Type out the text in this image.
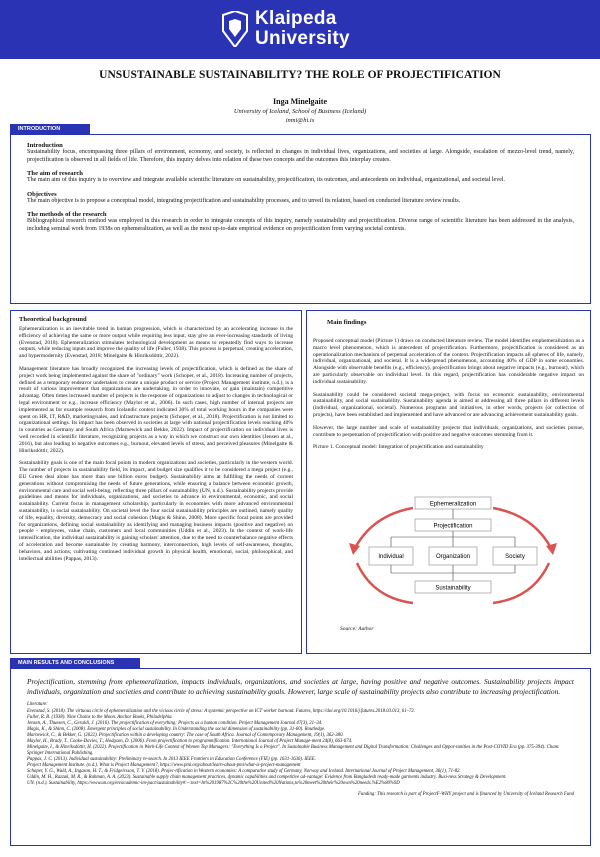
Klaipeda
University
UNSUSTAINABLE SUSTAINABILITY? THE ROLE OF PROJECTIFICATION
Inga Minelgaite
University of Iceland, School of Business (Iceland)
inmi@hi.is
INTRODUCTION

Introduction

Sustainability focus, encompassing three pillars of environment, economy, and society, is reflected in changes in individual lives, organizations, and societies at large. Alongside, escalation of mezzo-level trend, namely, projectification is observed in all fields of life. Therefore, this inquiry delves into relation of these two concepts and the outcomes this interplay creates.

The aim of research

The main aim of this inquiry is to overview and integrate available scientific literature on sustainability, projectification, its outcomes, and antecedents on individual, organizational, and societal level.

Objectives

The main objective is to propose a conceptual model, integrating projectification and sustainability processes, and to unveil its relation, based on conducted literature review results.

The methods of the research

Bibliographical research method was employed in this research in order to integrate concepts of this inquiry, namely sustainability and projectification. Diverse range of scientific literature has been addressed in the analysis, including seminal work from 1938s on ephemeralization, as well as the most up-to-date empirical evidence on projectification from varying societal contexts.

Theoretical background

Ephemeralization is an inevitable trend in human progression, which is characterized by an accelerating increase in the efficiency of achieving the same or more output while requiring less input, stay give an ever-increasing standards of living (Evenstad, 2018). Ephemeralization stimulates technological development as means to repeatedly find ways to increase outputs, while reducing inputs and improve the quality of life (Fuller, 1938). This process is perpetual, creating acceleration, and hypermodernity (Evenstad, 2018; Minelgaite & Hinriksdóttir, 2022).

Management literature has broadly recognized the increasing levels of projectification, which is defined as the share of project work being implemented against the share of "ordinary" work (Schoper, et al., 2018). Increasing number of projects, defined as a temporary endeavor undertaken to create a unique product or service (Project Management institute, n.d.), is a result of various improvement that organizations are undertaking, in order to innovate, or gain (maintain) competitive advantag. Often times increased number of projects is the response of organizations to adjust to changes in technological or legal environment or e.g., increase efficiency (Maylor et al., 2006). In such cases, high number of internal projects are implemented as for example research from Icelandic context indicated 30% of total working hours in the companies were spent on HR, IT, R&D, marketing/sales, and infrastructure projects (Schoper, et al., 2018). Projectification is not limited to organizational settings. Its impact has been observed in societies at large with national projectification levels reaching 40% in countries as Germany and South Africa (Marnewick and Bekke, 2022). Impact of projectification on individual lives is well recorded in scientific literature, recognizing projects as a way in which we construct our own identities (Jensen at al., 2016), but also leading to negative outcomes e.g., burnout, elevated levels of stress, and perceived pleasures (Minelgaite & Hinriksdóttir, 2022).

Sustainability goals is one of the main focal points in modern organizations and societies, particularly in the western world. The number of projects in sustainability field, its impact, and budget size qualifies it to be considered a mega project (e.g., EU Green deal alone has more than one billion euros budget). Sustainability aims at fulfilling the needs of current generations without compromising the needs of future generations, while ensuring a balance between economic growth, environmental care and social well-being, reflecting three pillars of sustainability (UN, n.d.). Sustainability projects provide guidelines and means for individuals, organizations, and societies to advance in environmental, economic, and social sustainability. Current focus in management scholarship, particularly in economies with more advanced environmental sustainability, is social sustainability. On societal level the four social sustainability principles are outlined, namely quality of life, equality, diversity, democracy and social cohesion (Magis & Shinn, 2008). More specific focal points are provided for organizations, defining social sustainability as identifying and managing business impacts (positive and negative) on people - employees, value chain, customers and local communities (Uddin et al., 2023). In the context of work-life intensification, the individual sustainability is gaining scholars' attention, due to the need to counterbalance negative effects of acceleration and become sustainable by creating harmony, interconnection, high levels of self-awareness, thoughts, behaviors, and actions; cultivating continued individual growth in physical health, emotional, social, philosophical, and intellectual abilities (Pappas, 2013).

Main findings

Proposed conceptual model (Picture 1) draws on conducted literature review. The model identifies emphemeralization as a macro level phenomenon, which is antecedent of projectification. Furthermore, projectification is considered as an operationalization mechanism of perpetual acceleration of the context. Projectification impacts all spheres of life, namely, individual, organizational, and societal. It is a widespread phenomenon, accounting 40% of GDP in some economies. Alongside with observable benefits (e.g., efficiency), projectification brings about negative impacts (e.g., burnout), which are particularly observable on individual level. In this regard, projectification has considerable negative impact on individual sustainability.

Sustainability could be considered societal mega-project, with focus on economic sustainability, environmental sustainability, and social sustainability. Sustainability agenda is aimed at addressing all three pillars in different levels (individual, organizational, societal). Numerous programs and initiatives, in other words, projects (or collection of projects), have been established and implemented and have advanced or are advancing achievement sustainability goals.

However, the large number and scale of sustainability projects that individuals, organizations, and societies pursue, contribute to perpetuation of projectification with positive and negative outcomes stemming from it.

Picture 1. Conceptual model: Integration of projectification and sustainability

Ephemeralization
Projectification
Individual	Organization	Society
Sustainability
Source: Author
MAIN RESULTS AND CONCLUSIONS

Projectification, stemming from ephemeralization, impacts individuals, organizations, and societies at large, having positive and negative outcomes. Sustainability projects impact individuals, organization and societies and contribute to achieving sustainability goals. However, large scale of sustainability projects also contribute to increasing projectification.

Literature:

Evenstad, S. (2018). The virtuous circle of ephemeralization and the vicious circle of stress: A systemic perspective on ICT worker burnout. Futures, https://doi.org/10.1016/j.futures.2018.03.013, 61–72.

Fuller, R. B. (1938). Nine Chains to the Moon. Anchor Books, Philadelphia.

Jensen, A., Thuesen, C., Geraldi, J. (2016). The projectification of everything: Projects as a human condition. Project Management Journal 47(3), 21–34.

Magis, K., & Shinn, C. (2008). Emergent principles of social sustainability. In Understanding the social dimension of sustainability (pp. 31-60). Routledge.

Marnewick, C., & Bekker, G. (2022). Projectification within a developing country: The case of South Africa. Journal of Contemporary Management, 19(1), 362-380.

Maylor, H., Brady, T., Cooke-Davies, T., Hodgson, D. (2006). From projectification to programmification. International Journal of Project Manage-ment 24(8), 663-674.

Minelgaite, I., & Hinriksdóttir, H. (2022). Projectification in Work-Life Context of Women Top Managers: "Everything Is a Project". In Sustainable Business Management and Digital Transformation: Challenges and Oppor-tunities in the Post-COVID Era (pp. 375-394). Cham: Springer International Publishing.

Pappas, J. C. (2013). Individual sustainability: Preliminary re-search. In 2013 IEEE Frontiers in Education Conference (FIE) (pp. 1631-1636). IEEE.

Project Management Institute. (n.d.). What is Project Management?, https://www.pmi.org/about/learn-about-pmi/what-is-project-management

Schoper, Y. G., Wald, A., Ingason, H. T., & Fridgeirsson, T. V. (2018). Projec-tification in Western economies: A comparative study of Germany, Norway and Iceland. International Journal of Project Management, 36(1), 71-82.

Uddin, M. H., Razzak, M. R., & Rahman, A. A. (2023). Sustainable supply chain management practices, dynamic capabilities and competitive ad-vantage: Evidence from Bangladesh ready-made garments industry. Busi-ness Strategy & Development.

UN. (n.d.). Sustainability, https://www.un.org/en/academic-im-pact/sustainability#:~:text=In%201987%2C%20the%20United%20Nations,to%20meet%20their%20own%20needs.%E2%80%9D

Funding: This research is part of ProjectF-WHY project and is financed by University of Iceland Research Fund
